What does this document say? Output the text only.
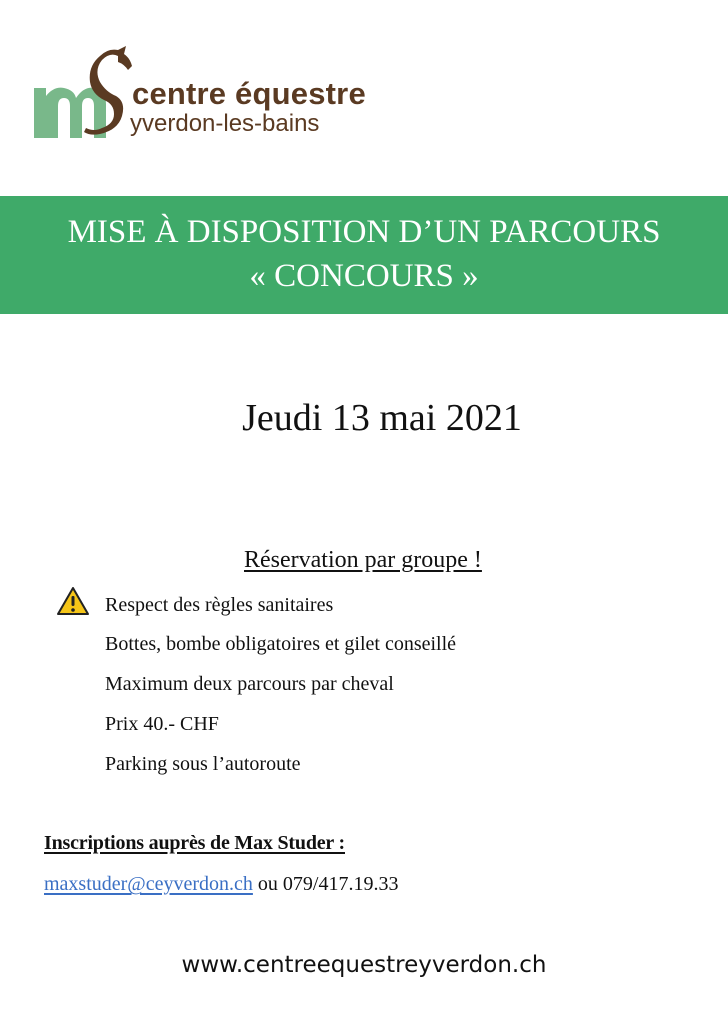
centre équestre
yverdon-les-bains
MISE À DISPOSITION D’UN PARCOURS
« CONCOURS »
Jeudi 13 mai 2021
Réservation par groupe !
Respect des règles sanitaires
Bottes, bombe obligatoires et gilet conseillé
Maximum deux parcours par cheval
Prix 40.- CHF
Parking sous l’autoroute
Inscriptions auprès de Max Studer :
maxstuder@ceyverdon.ch ou 079/417.19.33
www.centreequestreyverdon.ch
